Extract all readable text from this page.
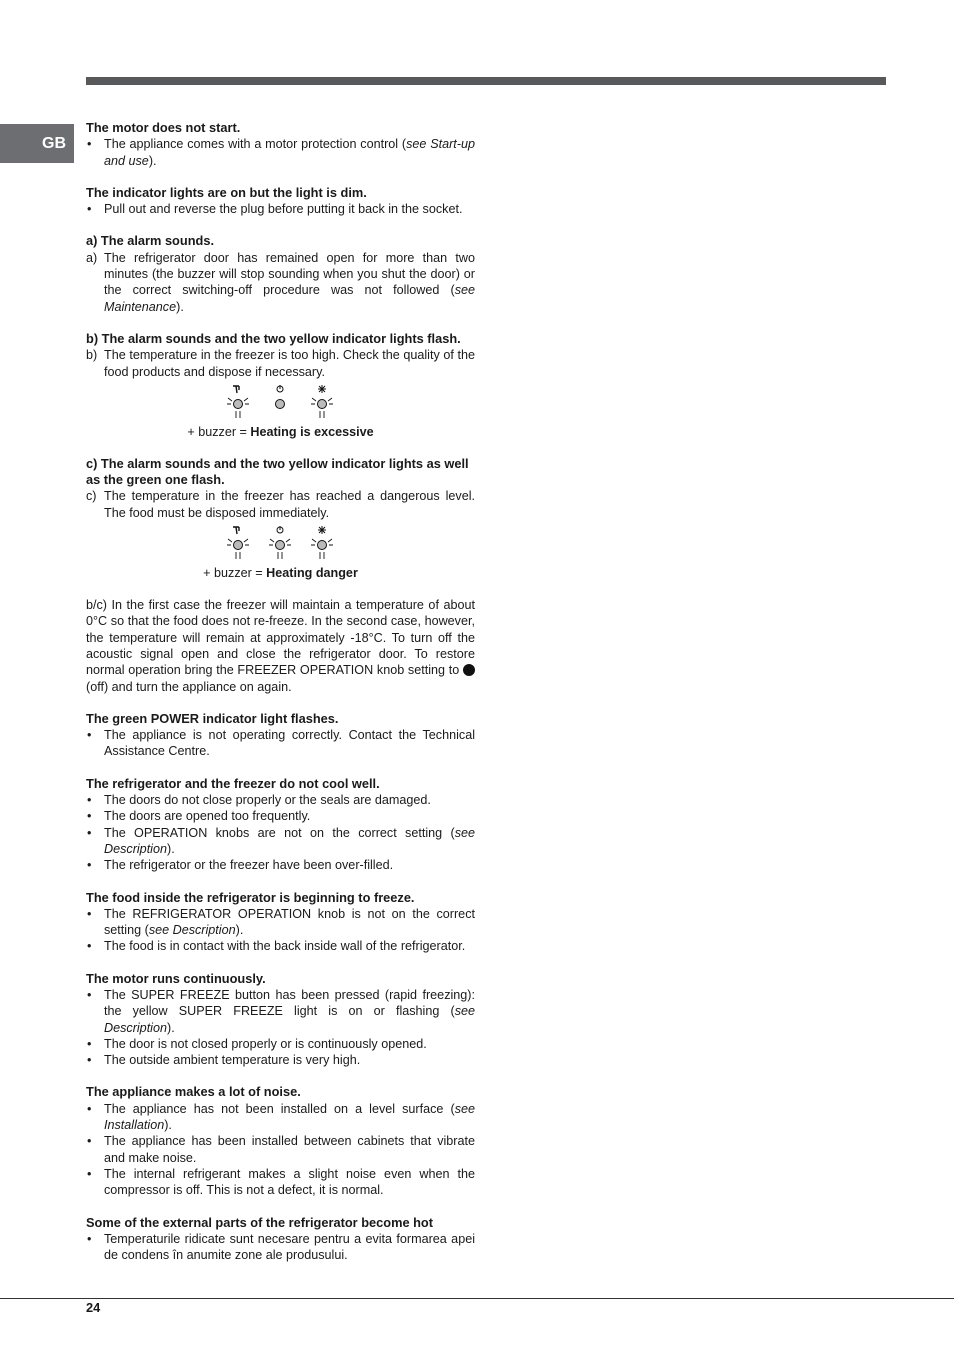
GB
The motor does not start.
• The appliance comes with a motor protection control (see Start-up and use).
The indicator lights are on but the light is dim.
• Pull out and reverse the plug before putting it back in the socket.
a) The alarm sounds.
a) The refrigerator door has remained open for more than two minutes (the buzzer will stop sounding when you shut the door) or the correct switching-off procedure was not followed (see Maintenance).
b) The alarm sounds and the two yellow indicator lights flash.
b) The temperature in the freezer is too high. Check the quality of the food products and dispose if necessary.
+ buzzer = Heating is excessive
c) The alarm sounds and the two yellow indicator lights as well as the green one flash.
c) The temperature in the freezer has reached a dangerous level. The food must be disposed immediately.
+ buzzer = Heating danger

b/c) In the first case the freezer will maintain a temperature of about 0°C so that the food does not re-freeze. In the second case, however, the temperature will remain at approximately -18°C. To turn off the acoustic signal open and close the refrigerator door. To restore normal operation bring the FREEZER OPERATION knob setting to  (off) and turn the appliance on again.

The green POWER indicator light flashes.
• The appliance is not operating correctly. Contact the Technical Assistance Centre.
The refrigerator and the freezer do not cool well.
• The doors do not close properly or the seals are damaged.
• The doors are opened too frequently.
• The OPERATION knobs are not on the correct setting (see Description).
• The refrigerator or the freezer have been over-filled.
The food inside the refrigerator is beginning to freeze.
• The REFRIGERATOR OPERATION knob is not on the correct setting (see Description).
• The food is in contact with the back inside wall of the refrigerator.
The motor runs continuously.
• The SUPER FREEZE button has been pressed (rapid freezing): the yellow SUPER FREEZE light is on or flashing (see Description).
• The door is not closed properly or is continuously opened.
• The outside ambient temperature is very high.
The appliance makes a lot of noise.
• The appliance has not been installed on a level surface (see Installation).
• The appliance has been installed between cabinets that vibrate and make noise.
• The internal refrigerant makes a slight noise even when the compressor is off. This is not a defect, it is normal.
Some of the external parts of the refrigerator become hot
• Temperaturile ridicate sunt necesare pentru a evita formarea apei de condens în anumite zone ale produsului.
24
